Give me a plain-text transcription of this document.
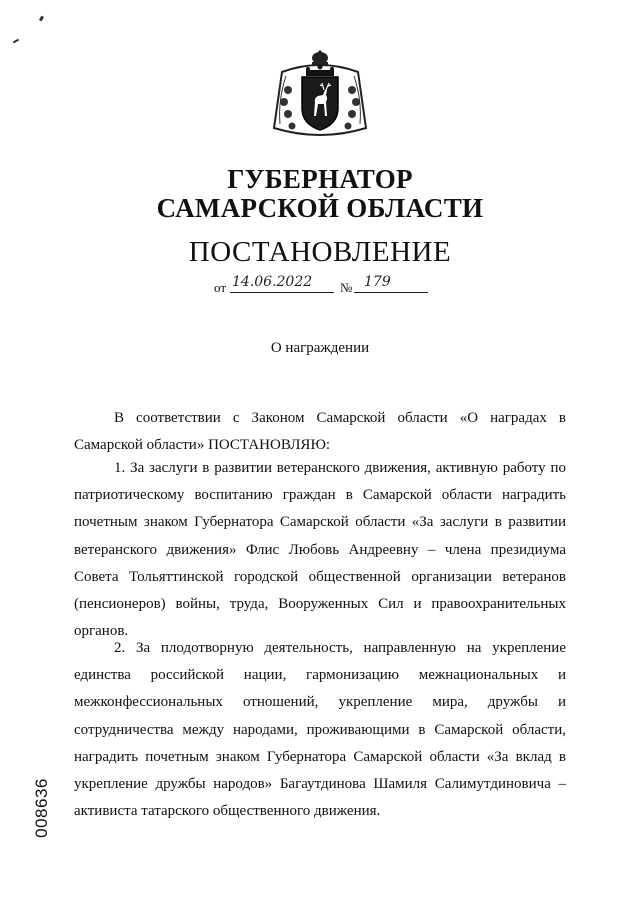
ГУБЕРНАТОР
САМАРСКОЙ ОБЛАСТИ
ПОСТАНОВЛЕНИЕ
от 14.06.2022 № 179
О награждении

В соответствии с Законом Самарской области «О наградах в Самарской области» ПОСТАНОВЛЯЮ:

1. За заслуги в развитии ветеранского движения, активную работу по патриотическому воспитанию граждан в Самарской области наградить почетным знаком Губернатора Самарской области «За заслуги в развитии ветеранского движения» Флис Любовь Андреевну – члена президиума Совета Тольяттинской городской общественной организации ветеранов (пенсионеров) войны, труда, Вооруженных Сил и правоохранительных органов.

2. За плодотворную деятельность, направленную на укрепление единства российской нации, гармонизацию межнациональных и межконфессиональных отношений, укрепление мира, дружбы и сотрудничества между народами, проживающими в Самарской области, наградить почетным знаком Губернатора Самарской области «За вклад в укрепление дружбы народов» Багаутдинова Шамиля Салимутдиновича – активиста татарского общественного движения.

008636
